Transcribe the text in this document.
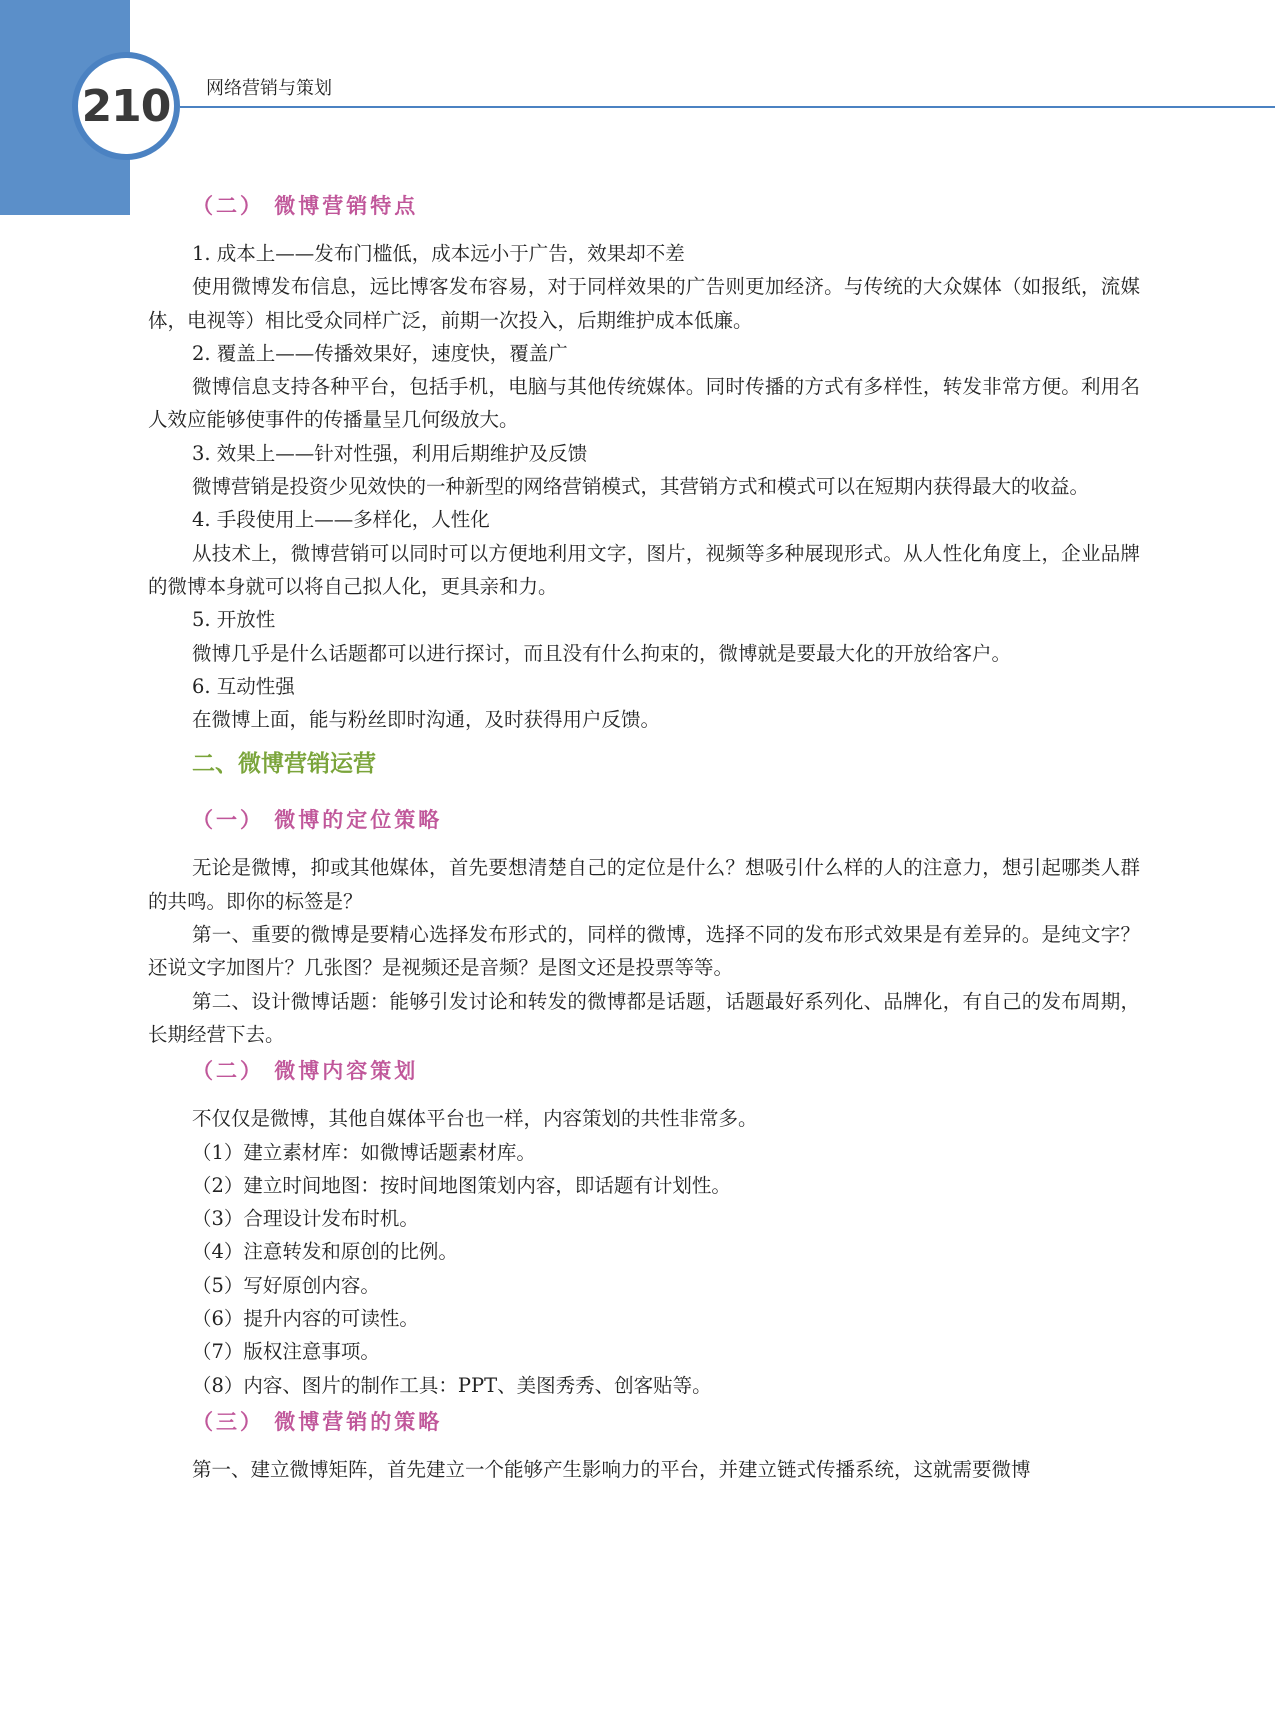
210 网络营销与策划
（二） 微博营销特点

1. 成本上——发布门槛低，成本远小于广告，效果却不差

使用微博发布信息，远比博客发布容易，对于同样效果的广告则更加经济。与传统的大众媒体（如报纸，流媒体，电视等）相比受众同样广泛，前期一次投入，后期维护成本低廉。

2. 覆盖上——传播效果好，速度快，覆盖广

微博信息支持各种平台，包括手机，电脑与其他传统媒体。同时传播的方式有多样性，转发非常方便。利用名人效应能够使事件的传播量呈几何级放大。

3. 效果上——针对性强，利用后期维护及反馈

微博营销是投资少见效快的一种新型的网络营销模式，其营销方式和模式可以在短期内获得最大的收益。

4. 手段使用上——多样化，人性化

从技术上，微博营销可以同时可以方便地利用文字，图片，视频等多种展现形式。从人性化角度上，企业品牌的微博本身就可以将自己拟人化，更具亲和力。

5. 开放性

微博几乎是什么话题都可以进行探讨，而且没有什么拘束的，微博就是要最大化的开放给客户。

6. 互动性强

在微博上面，能与粉丝即时沟通，及时获得用户反馈。

二、微博营销运营
（一） 微博的定位策略

无论是微博，抑或其他媒体，首先要想清楚自己的定位是什么？想吸引什么样的人的注意力，想引起哪类人群的共鸣。即你的标签是？

第一、重要的微博是要精心选择发布形式的，同样的微博，选择不同的发布形式效果是有差异的。是纯文字？还说文字加图片？几张图？是视频还是音频？是图文还是投票等等。

第二、设计微博话题：能够引发讨论和转发的微博都是话题，话题最好系列化、品牌化，有自己的发布周期，长期经营下去。

（二） 微博内容策划

不仅仅是微博，其他自媒体平台也一样，内容策划的共性非常多。

（1）建立素材库：如微博话题素材库。

（2）建立时间地图：按时间地图策划内容，即话题有计划性。

（3）合理设计发布时机。

（4）注意转发和原创的比例。

（5）写好原创内容。

（6）提升内容的可读性。

（7）版权注意事项。

（8）内容、图片的制作工具：PPT、美图秀秀、创客贴等。

（三） 微博营销的策略

第一、建立微博矩阵，首先建立一个能够产生影响力的平台，并建立链式传播系统，这就需要微博
